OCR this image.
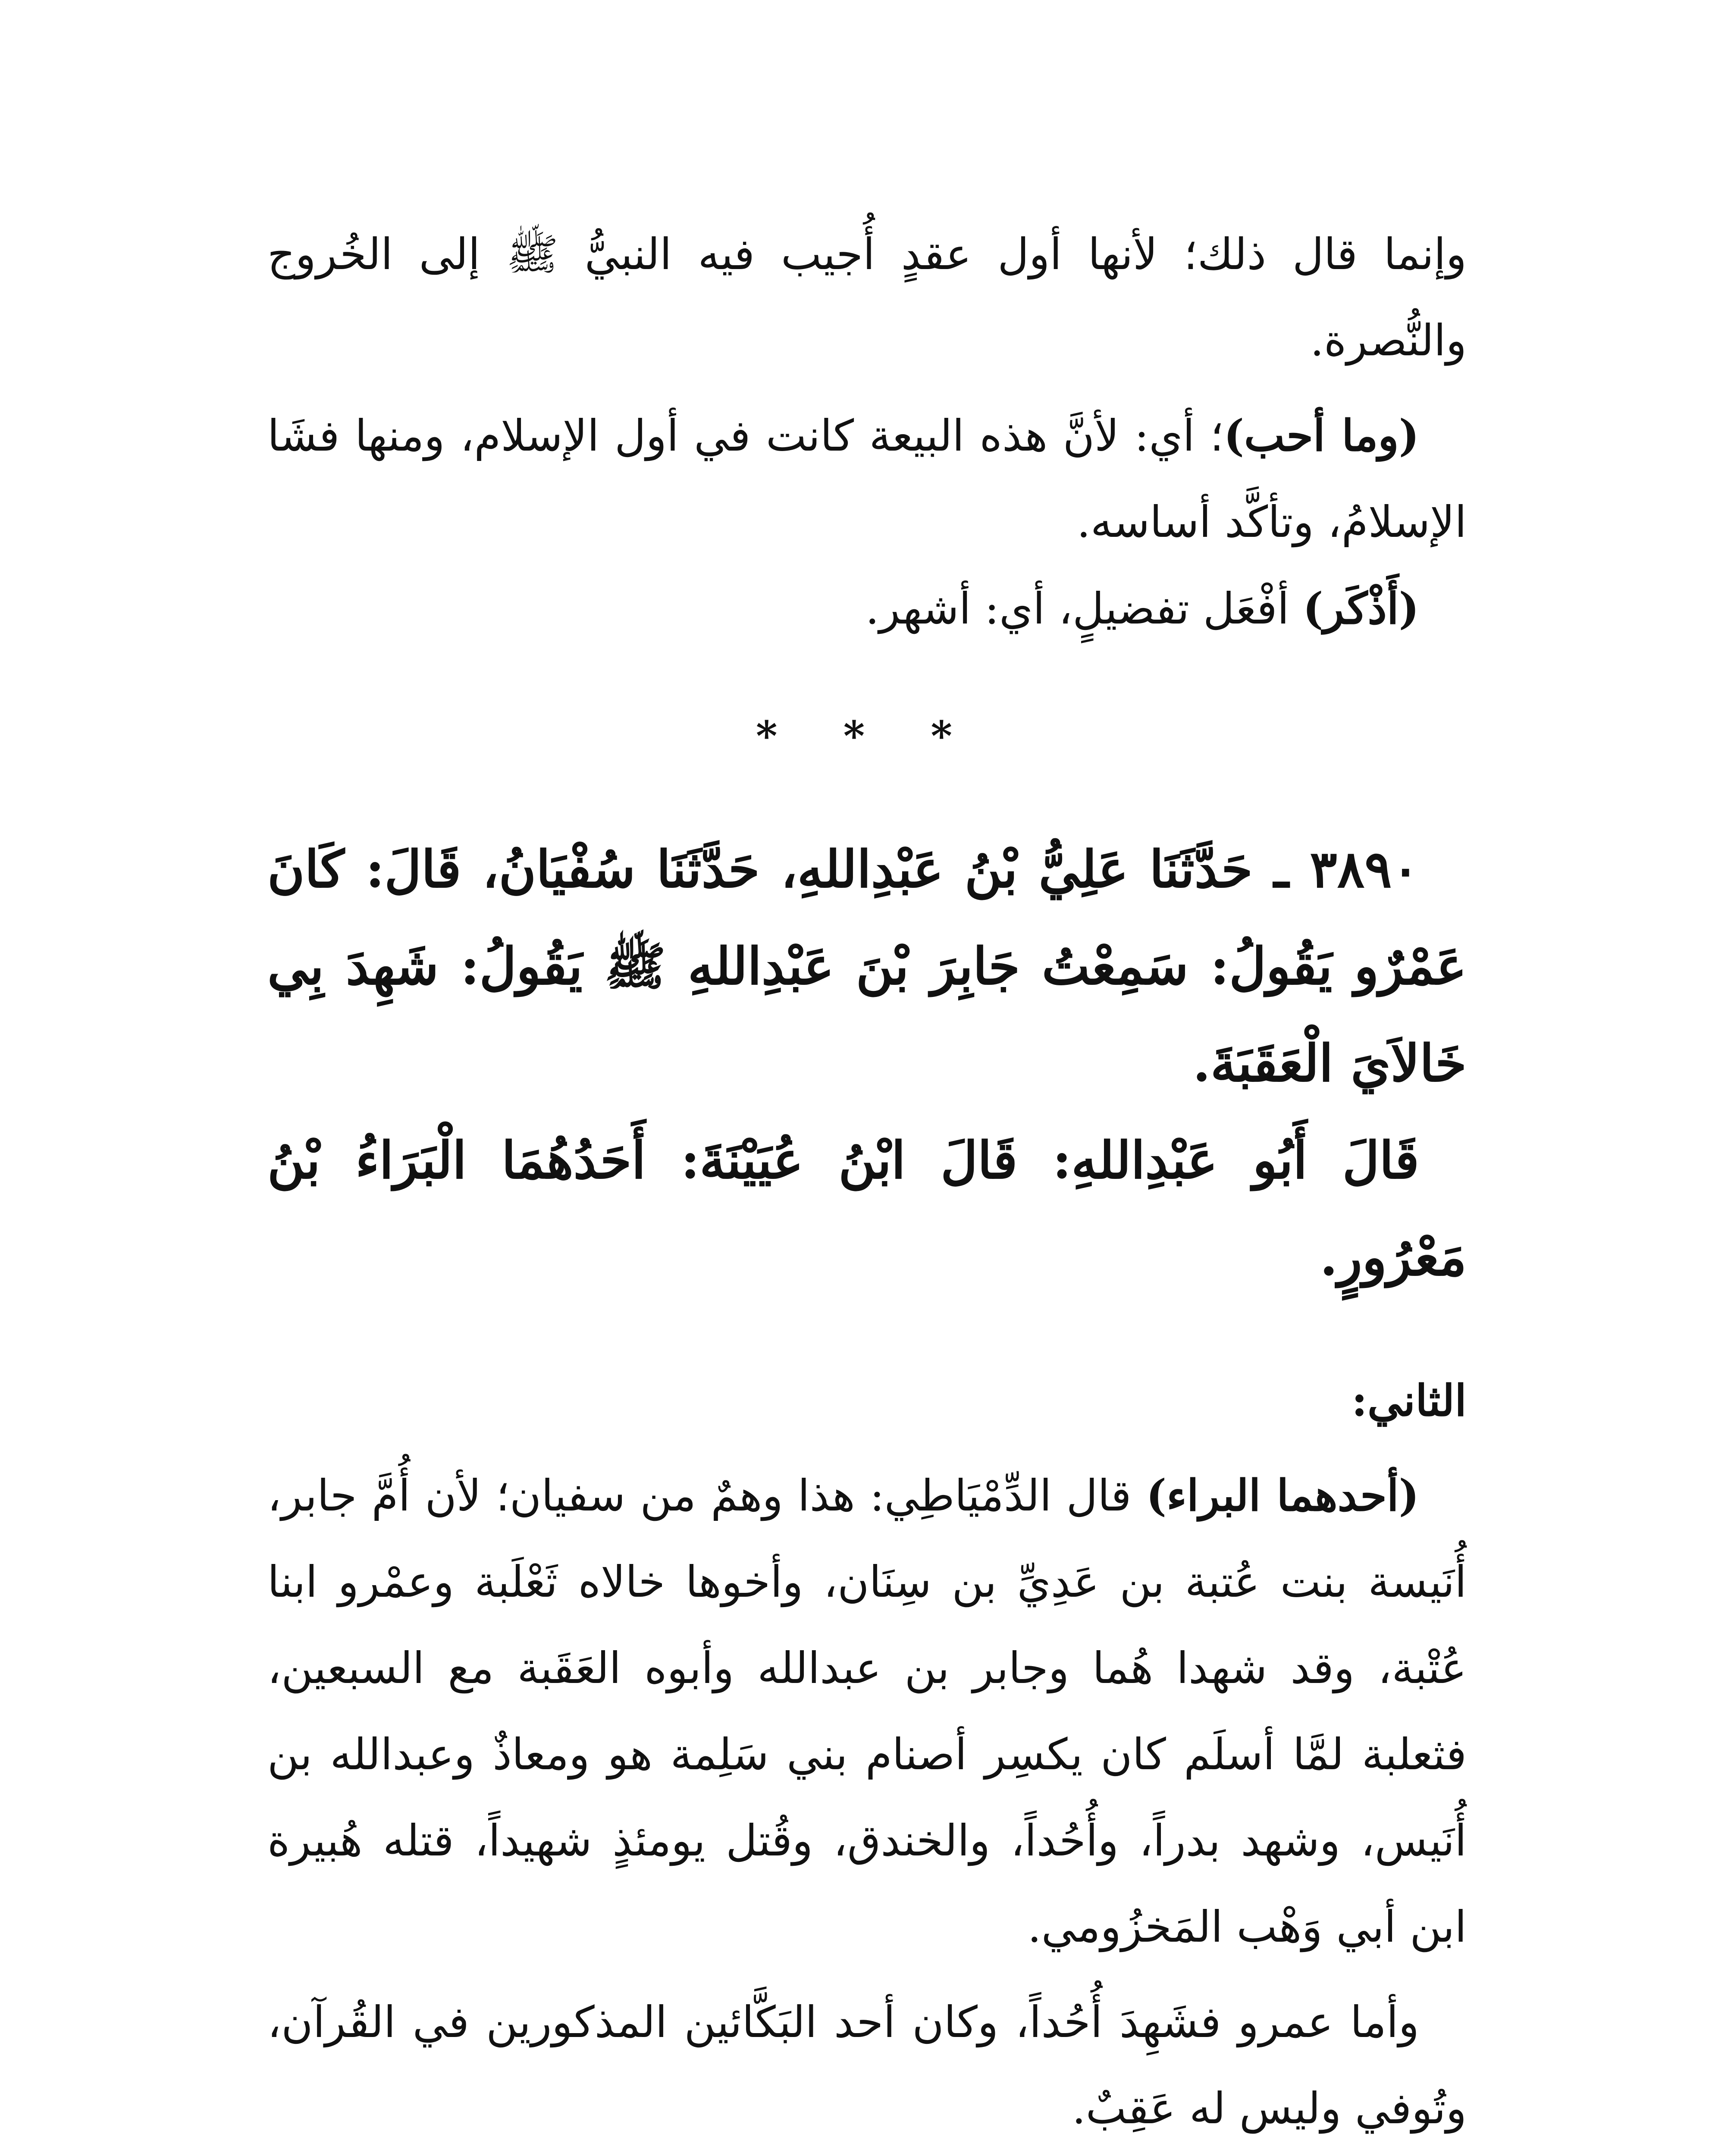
وإنما قال ذلك؛ لأنها أول عقدٍ أُجيب فيه النبيُّ ﷺ إلى الخُروج والنُّصرة.

(وما أحب)؛ أي: لأنَّ هذه البيعة كانت في أول الإسلام، ومنها فشَا الإسلامُ، وتأكَّد أساسه.

(أَذْكَر) أفْعَل تفضيلٍ، أي: أشهر.

* * *

٣٨٩٠ ـ حَدَّثَنَا عَلِيُّ بْنُ عَبْدِاللهِ، حَدَّثَنَا سُفْيَانُ، قَالَ: كَانَ عَمْرٌو يَقُولُ: سَمِعْتُ جَابِرَ بْنَ عَبْدِاللهِ ﷺ يَقُولُ: شَهِدَ بِي خَالاَيَ الْعَقَبَةَ.

قَالَ أَبُو عَبْدِاللهِ: قَالَ ابْنُ عُيَيْنَةَ: أَحَدُهُمَا الْبَرَاءُ بْنُ مَعْرُورٍ.

الثاني:

(أحدهما البراء) قال الدِّمْيَاطِي: هذا وهمٌ من سفيان؛ لأن أُمَّ جابر، أُنَيسة بنت عُتبة بن عَدِيِّ بن سِنَان، وأخوها خالاه ثَعْلَبة وعمْرو ابنا عُتْبة، وقد شهدا هُما وجابر بن عبدالله وأبوه العَقَبة مع السبعين، فثعلبة لمَّا أسلَم كان يكسِر أصنام بني سَلِمة هو ومعاذٌ وعبدالله بن أُنَيس، وشهد بدراً، وأُحُداً، والخندق، وقُتل يومئذٍ شهيداً، قتله هُبيرة ابن أبي وَهْب المَخزُومي.

وأما عمرو فشَهِدَ أُحُداً، وكان أحد البَكَّائين المذكورين في القُرآن، وتُوفي وليس له عَقِبٌ.
